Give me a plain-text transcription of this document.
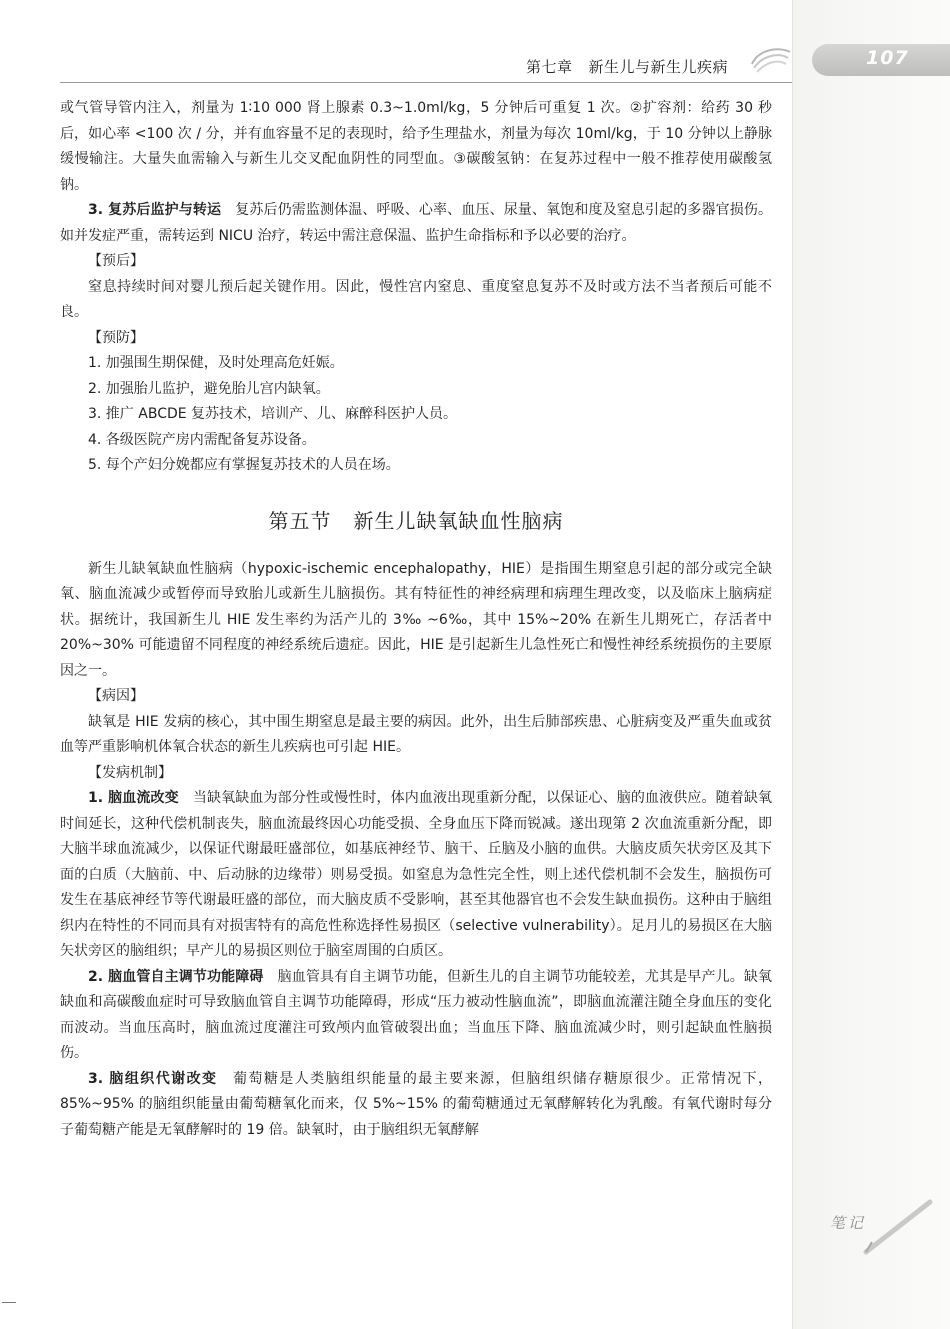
第七章 新生儿与新生儿疾病	107

或气管导管内注入，剂量为 1∶10 000 肾上腺素 0.3~1.0ml/kg，5 分钟后可重复 1 次。②扩容剂：给药 30 秒后，如心率 <100 次 / 分，并有血容量不足的表现时，给予生理盐水，剂量为每次 10ml/kg，于 10 分钟以上静脉缓慢输注。大量失血需输入与新生儿交叉配血阴性的同型血。③碳酸氢钠：在复苏过程中一般不推荐使用碳酸氢钠。

3. 复苏后监护与转运　 复苏后仍需监测体温、呼吸、心率、血压、尿量、氧饱和度及窒息引起的多器官损伤。如并发症严重，需转运到 NICU 治疗，转运中需注意保温、监护生命指标和予以必要的治疗。

【预后】

窒息持续时间对婴儿预后起关键作用。因此，慢性宫内窒息、重度窒息复苏不及时或方法不当者预后可能不良。

【预防】

1. 加强围生期保健，及时处理高危妊娠。

2. 加强胎儿监护，避免胎儿宫内缺氧。

3. 推广 ABCDE 复苏技术，培训产、儿、麻醉科医护人员。

4. 各级医院产房内需配备复苏设备。

5. 每个产妇分娩都应有掌握复苏技术的人员在场。

第五节 新生儿缺氧缺血性脑病

新生儿缺氧缺血性脑病（hypoxic-ischemic encephalopathy，HIE）是指围生期窒息引起的部分或完全缺氧、脑血流减少或暂停而导致胎儿或新生儿脑损伤。其有特征性的神经病理和病理生理改变，以及临床上脑病症状。据统计，我国新生儿 HIE 发生率约为活产儿的 3‰ ~6‰，其中 15%~20% 在新生儿期死亡，存活者中 20%~30% 可能遗留不同程度的神经系统后遗症。因此，HIE 是引起新生儿急性死亡和慢性神经系统损伤的主要原因之一。

【病因】

缺氧是 HIE 发病的核心，其中围生期窒息是最主要的病因。此外，出生后肺部疾患、心脏病变及严重失血或贫血等严重影响机体氧合状态的新生儿疾病也可引起 HIE。

【发病机制】

1. 脑血流改变　 当缺氧缺血为部分性或慢性时，体内血液出现重新分配，以保证心、脑的血液供应。随着缺氧时间延长，这种代偿机制丧失，脑血流最终因心功能受损、全身血压下降而锐减。遂出现第 2 次血流重新分配，即大脑半球血流减少，以保证代谢最旺盛部位，如基底神经节、脑干、丘脑及小脑的血供。大脑皮质矢状旁区及其下面的白质（大脑前、中、后动脉的边缘带）则易受损。如窒息为急性完全性，则上述代偿机制不会发生，脑损伤可发生在基底神经节等代谢最旺盛的部位，而大脑皮质不受影响，甚至其他器官也不会发生缺血损伤。这种由于脑组织内在特性的不同而具有对损害特有的高危性称选择性易损区（selective vulnerability）。足月儿的易损区在大脑矢状旁区的脑组织；早产儿的易损区则位于脑室周围的白质区。

2. 脑血管自主调节功能障碍　 脑血管具有自主调节功能，但新生儿的自主调节功能较差，尤其是早产儿。缺氧缺血和高碳酸血症时可导致脑血管自主调节功能障碍，形成“压力被动性脑血流”，即脑血流灌注随全身血压的变化而波动。当血压高时，脑血流过度灌注可致颅内血管破裂出血；当血压下降、脑血流减少时，则引起缺血性脑损伤。

3. 脑组织代谢改变　 葡萄糖是人类脑组织能量的最主要来源，但脑组织储存糖原很少。正常情况下，85%~95% 的脑组织能量由葡萄糖氧化而来，仅 5%~15% 的葡萄糖通过无氧酵解转化为乳酸。有氧代谢时每分子葡萄糖产能是无氧酵解时的 19 倍。缺氧时，由于脑组织无氧酵解

笔记
